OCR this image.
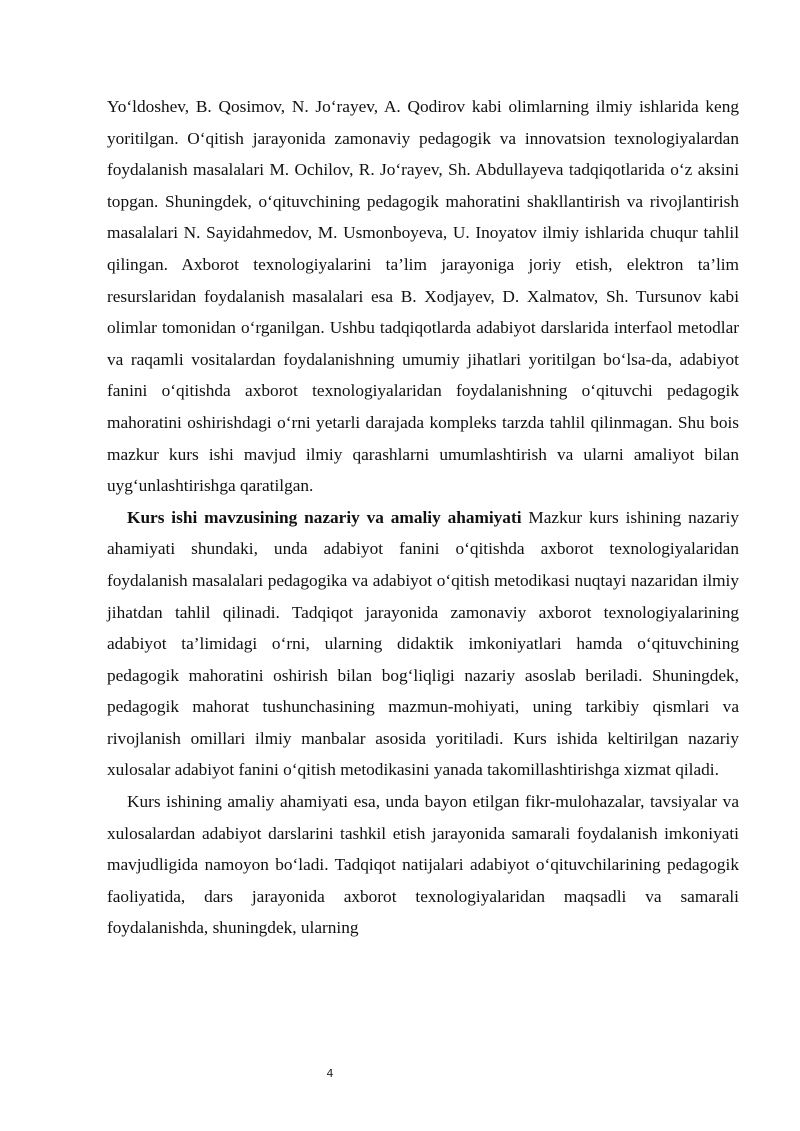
Yo‘ldoshev, B. Qosimov, N. Jo‘rayev, A. Qodirov kabi olimlarning ilmiy ishlarida keng yoritilgan. O‘qitish jarayonida zamonaviy pedagogik va innovatsion texnologiyalardan foydalanish masalalari M. Ochilov, R. Jo‘rayev, Sh. Abdullayeva tadqiqotlarida o‘z aksini topgan. Shuningdek, o‘qituvchining pedagogik mahoratini shakllantirish va rivojlantirish masalalari N. Sayidahmedov, M. Usmonboyeva, U. Inoyatov ilmiy ishlarida chuqur tahlil qilingan. Axborot texnologiyalarini ta’lim jarayoniga joriy etish, elektron ta’lim resurslaridan foydalanish masalalari esa B. Xodjayev, D. Xalmatov, Sh. Tursunov kabi olimlar tomonidan o‘rganilgan. Ushbu tadqiqotlarda adabiyot darslarida interfaol metodlar va raqamli vositalardan foydalanishning umumiy jihatlari yoritilgan bo‘lsa-da, adabiyot fanini o‘qitishda axborot texnologiyalaridan foydalanishning o‘qituvchi pedagogik mahoratini oshirishdagi o‘rni yetarli darajada kompleks tarzda tahlil qilinmagan. Shu bois mazkur kurs ishi mavjud ilmiy qarashlarni umumlashtirish va ularni amaliyot bilan uyg‘unlashtirishga qaratilgan.

Kurs ishi mavzusining nazariy va amaliy ahamiyati Mazkur kurs ishining nazariy ahamiyati shundaki, unda adabiyot fanini o‘qitishda axborot texnologiyalaridan foydalanish masalalari pedagogika va adabiyot o‘qitish metodikasi nuqtayi nazaridan ilmiy jihatdan tahlil qilinadi. Tadqiqot jarayonida zamonaviy axborot texnologiyalarining adabiyot ta’limidagi o‘rni, ularning didaktik imkoniyatlari hamda o‘qituvchining pedagogik mahoratini oshirish bilan bog‘liqligi nazariy asoslab beriladi. Shuningdek, pedagogik mahorat tushunchasining mazmun-mohiyati, uning tarkibiy qismlari va rivojlanish omillari ilmiy manbalar asosida yoritiladi. Kurs ishida keltirilgan nazariy xulosalar adabiyot fanini o‘qitish metodikasini yanada takomillashtirishga xizmat qiladi.

Kurs ishining amaliy ahamiyati esa, unda bayon etilgan fikr-mulohazalar, tavsiyalar va xulosalardan adabiyot darslarini tashkil etish jarayonida samarali foydalanish imkoniyati mavjudligida namoyon bo‘ladi. Tadqiqot natijalari adabiyot o‘qituvchilarining pedagogik faoliyatida, dars jarayonida axborot texnologiyalaridan maqsadli va samarali foydalanishda, shuningdek, ularning

4
